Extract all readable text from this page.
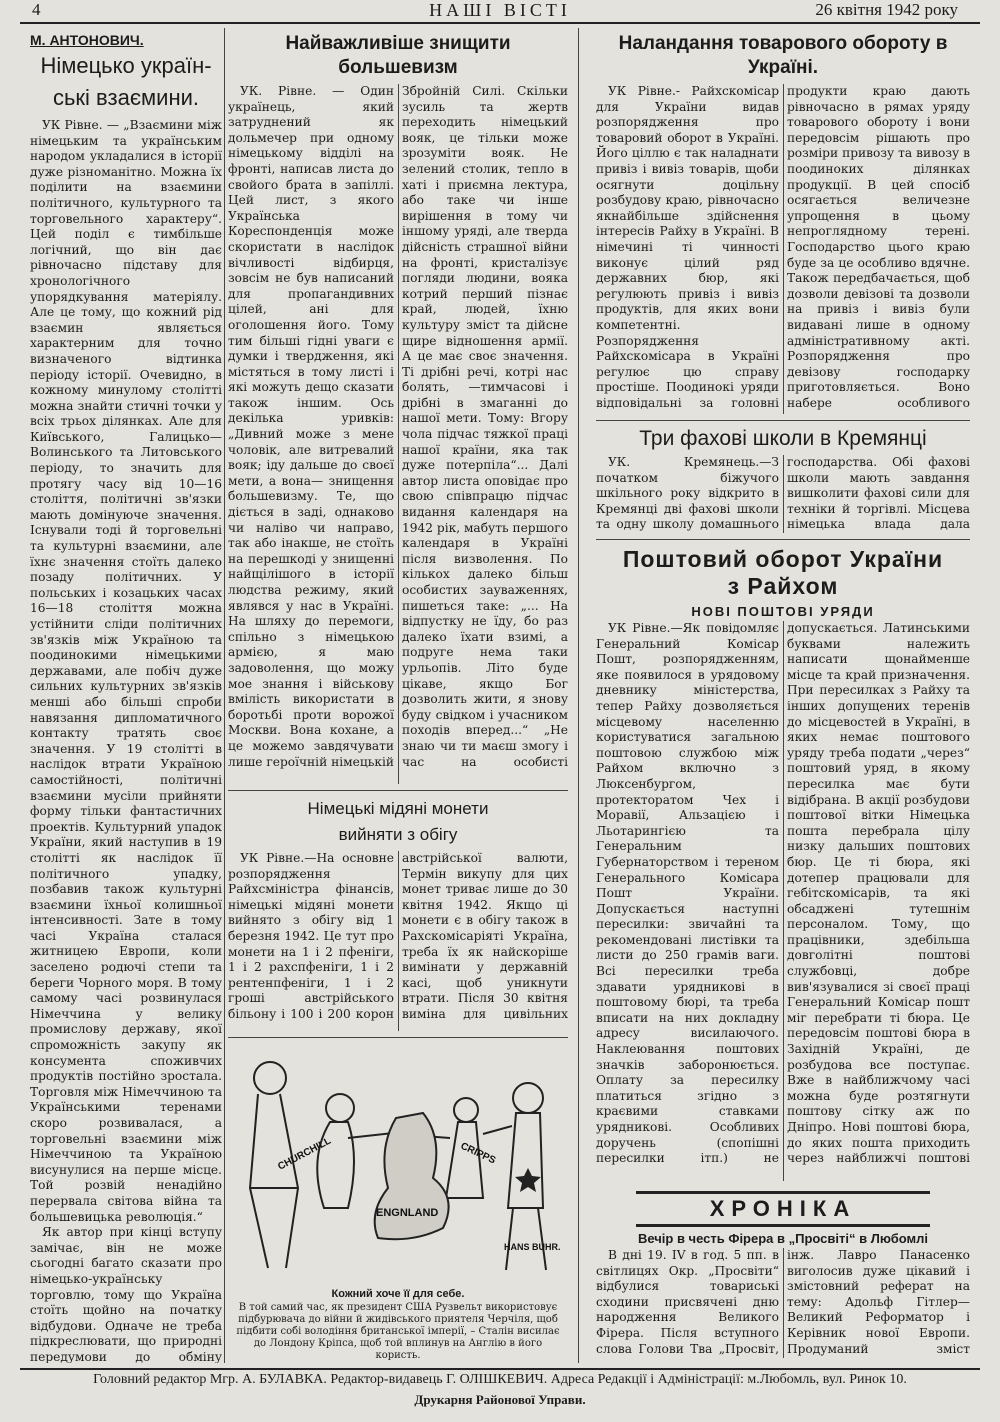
4	НАШІ ВІСТІ	26 квітня 1942 року
М. АНТОНОВИЧ.
Німецько україн-ські взаємини.

УК Рівне. — „Взаємини між німецьким та українським народом укладалися в історії дуже різноманітно. Можна їх поділити на взаємини політичного, культурного та торговельного характеру“. Цей поділ є тимбільше логічний, що він дає рівночасно підставу для хронологічного упорядкування матеріялу. Але це тому, що кожний рід взаємин являється характерним для точно визначеного відтинка періоду історії. Очевидно, в кожному минулому столітті можна знайти стичні точки у всіх трьох ділянках. Але для Київського, Галицько—Волинського та Литовського періоду, то значить для протягу часу від 10—16 століття, політичні зв'язки мають домінуюче значення. Існували тоді й торговельні та культурні взаємини, але їхнє значення стоїть далеко позаду політичних. У польських і козацьких часах 16—18 століття можна устійнити сліди політичних зв'язків між Україною та поодинокими німецькими державами, але побіч дуже сильних культурних зв'язків менші або більші спроби навязання дипломатичного контакту тратять своє значення. У 19 столітті в наслідок втрати Україною самостійності, політичні взаємини мусіли прийняти форму тільки фантастичних проектів. Культурний упадок України, який наступив в 19 столітті як наслідок її політичного упадку, позбавив також культурні взаємини їхньої колишньої інтенсивності. Зате в тому часі Україна сталася житницею Европи, коли заселено родючі степи та береги Чорного моря. В тому самому часі розвинулася Німеччина у велику промислову державу, якої спроможність закупу як консумента споживчих продуктів постійно зростала. Торговля між Німеччиною та Українськими теренами скоро розвивалася, а торговельні взаємини між Німеччиною та Україною висунулися на перше місце. Той розвій ненадійно перервала світова війна та большевицька революція.“

Як автор при кінці вступу замічає, він не може сьогодні багато сказати про німецько-українську торговлю, тому що Україна стоїть щойно на початку відбудови. Одначе не треба підкреслювати, що природні передумови до обміну

Найважливіше знищити большевизм

УК. Рівне. — Один українець, який затруднений як дольмечер при одному німецькому відділі на фронті, написав листа до свойого брата в запіллі. Цей лист, з якого Українська Кореспонденція може скористати в наслідок вічливості відбирця, зовсім не був написаний для пропагандивних цілей, ані для оголошення його. Тому тим більші гідні уваги є думки і твердження, які містяться в тому листі і які можуть дещо сказати також іншим. Ось декілька уривків: „Дивний може з мене чоловік, але витревалий вояк; іду дальше до своєї мети, а вона— знищення большевизму. Те, що діється в заді, однаково чи наліво чи направо, так або інакше, не стоїть на перешкоді у знищенні найщілішого в історії людства режиму, який являвся у нас в Україні. На шляху до перемоги, спільно з німецькою армією, я маю задоволення, що можу мое знання і військову вмілість використати в боротьбі проти ворожої Москви. Вона кохане, а це можемо завдячувати лише героїчній німецькій Збройній Силі. Скільки зусиль та жертв переходить німецький вояк, це тільки може зрозуміти вояк. Не зелений столик, тепло в хаті і приємна лектура, або таке чи інше вирішення в тому чи іншому уряді, але тверда дійсність страшної війни на фронті, кристалізує погляди людини, вояка котрий перший пізнає край, людей, їхню культуру зміст та дійсне щире відношення армії. А це має своє значення. Ті дрібні речі, котрі нас болять, —тимчасові і дрібні в змаганні до нашої мети. Тому: Вгору чола підчас тяжкої праці нашої країни, яка так дуже потерпіла“... Далі автор листа оповідає про свою співпрацю підчас видання календаря на 1942 рік, мабуть першого календаря в Україні після визволення. По кількох далеко більш особистих зауваженнях, пишеться таке: „... На відпустку не їду, бо раз далеко їхати взимі, а подруге нема таки урльопів. Літо буде цікаве, якщо Бог дозволить жити, я знову буду свідком і учасником походів вперед...“ „Не знаю чи ти маєш змогу і час на особисті

Німецькі мідяні монети
вийняти з обігу

УК Рівне.—На основне розпорядження Райхсміністра фінансів, німецькі мідяні монети вийнято з обігу від 1 березня 1942. Це тут про монети на 1 і 2 пфеніги, 1 і 2 рахспфеніги, 1 і 2 рентенпфеніги, 1 і 2 гроші австрійського більону і 100 і 200 корон австрійської валюти, Термін викупу для цих монет триває лише до 30 квітня 1942. Якщо ці монети є в обігу також в Рахскомісаріяті Україна, треба їх як найскоріше вимінати у державній касі, щоб уникнути втрати. Після 30 квітня виміна для цивільних

CHURCHILL
ENGNLAND
CRIPPS
HANS BUHR.
Кожний хоче її для себе.
В той самий час, як президент США Рузвельт використовує підбурювача до війни й жидівського приятеля Черчіля, щоб підбити собі володіння британської імперії, – Сталін висилає до Лондону Кріпса, щоб той вплинув на Англію в його користь.
Наландання товарового обороту в Україні.

УК Рівне.- Райхскомісар для України видав розпорядження про товаровий оборот в Україні. Його ціллю є так наладнати привіз і вивіз товарів, щоби осягнути доцільну розбудову краю, рівночасно якнайбільше здійснення інтересів Райху в Україні. В німечині ті чинності виконує цілий ряд державних бюр, які регулюють привіз і вивіз продуктів, для яких вони компетентні. Розпорядження Райхскомісара в Україні регулює цю справу простіше. Поодинокі уряди відповідальні за головні продукти краю дають рівночасно в рямах уряду товарового обороту і вони передовсім рішають про розміри привозу та вивозу в поодиноких ділянках продукції. В цей спосіб осягається величезне упрощення в цьому непроглядному терені. Господарство цього краю буде за це особливо вдячне. Також передбачається, щоб дозволи девізові та дозволи на привіз і вивіз були видавані лише в одному адміністративному акті. Розпорядження про девізову господарку приготовляється. Воно набере особливого

Три фахові школи в Кремянці

УК. Кремянець.—З початком біжучого шкільного року відкрито в Кремянці дві фахові школи та одну школу домашнього господарства. Обі фахові школи мають завдання вишколити фахові сили для техніки й торгівлі. Місцева німецька влада дала

Поштовий оборот України
з Райхом
НОВІ ПОШТОВІ УРЯДИ

УК Рівне.—Як повідомляє Генеральний Комісар Пошт, розпорядженням, яке появилося в урядовому дневнику міністерства, тепер Райху дозволяється місцевому населенню користуватися загальною поштовою службою між Райхом включно з Люксенбургом, протекторатом Чех і Моравії, Альзацією і Льотарингією та Генеральним Губернаторством і тереном Генерального Комісара Пошт України. Допускається наступні пересилки: звичайні та рекомендовані листівки та листи до 250 грамів ваги. Всі пересилки треба здавати урядникові в поштовому бюрі, та треба вписати на них докладну адресу висилаючого. Наклеювання поштових значків заборонюється. Оплату за пересилку платиться згідно з краєвими ставками урядникові. Особливих доручень (спопішні пересилки ітп.) не допускається. Латинськими буквами належить написати щонайменше місце та край призначення. При пересилках з Райху та інших допущених теренів до місцевостей в Україні, в яких немає поштового уряду треба подати „через“ поштовий уряд, в якому пересилка має бути відібрана. В акції розбудови поштової вітки Німецька пошта перебрала цілу низку дальших поштових бюр. Це ті бюра, які дотепер працювали для гебітскомісарів, та які обсаджені тутешнім персоналом. Тому, що працівники, здебільша довголітні поштові службовці, добре вив'язувалися зі своєї праці Генеральний Комісар пошт міг перебрати ті бюра. Це передовсім поштові бюра в Західній Україні, де розбудова все поступає. Вже в найближчому часі можна буде розтягнути поштову сітку аж по Дніпро. Нові поштові бюра, до яких пошта приходить через найближчі поштові

ХРОНІКА
Вечір в честь Фірера в „Просвіті“ в Любомлі

В дні 19. IV в год. 5 пп. в світлицях Окр. „Просвіти“ відбулися товариські сходини присвячені дню народження Великого Фірера. Після вступного слова Голови Тва „Просвіт, інж. Лавро Панасенко виголосив дуже цікавий і змістовний реферат на тему: Адольф Гітлер—Великий Реформатор і Керівник нової Европи. Продуманий зміст

Головний редактор Мгр. А. БУЛАВКА. Редактор-видавець Г. ОЛІШКЕВИЧ. Адреса Редакції і Адміністрації: м.Любомль, вул. Ринок 10.
Друкарня Районової Управи.
